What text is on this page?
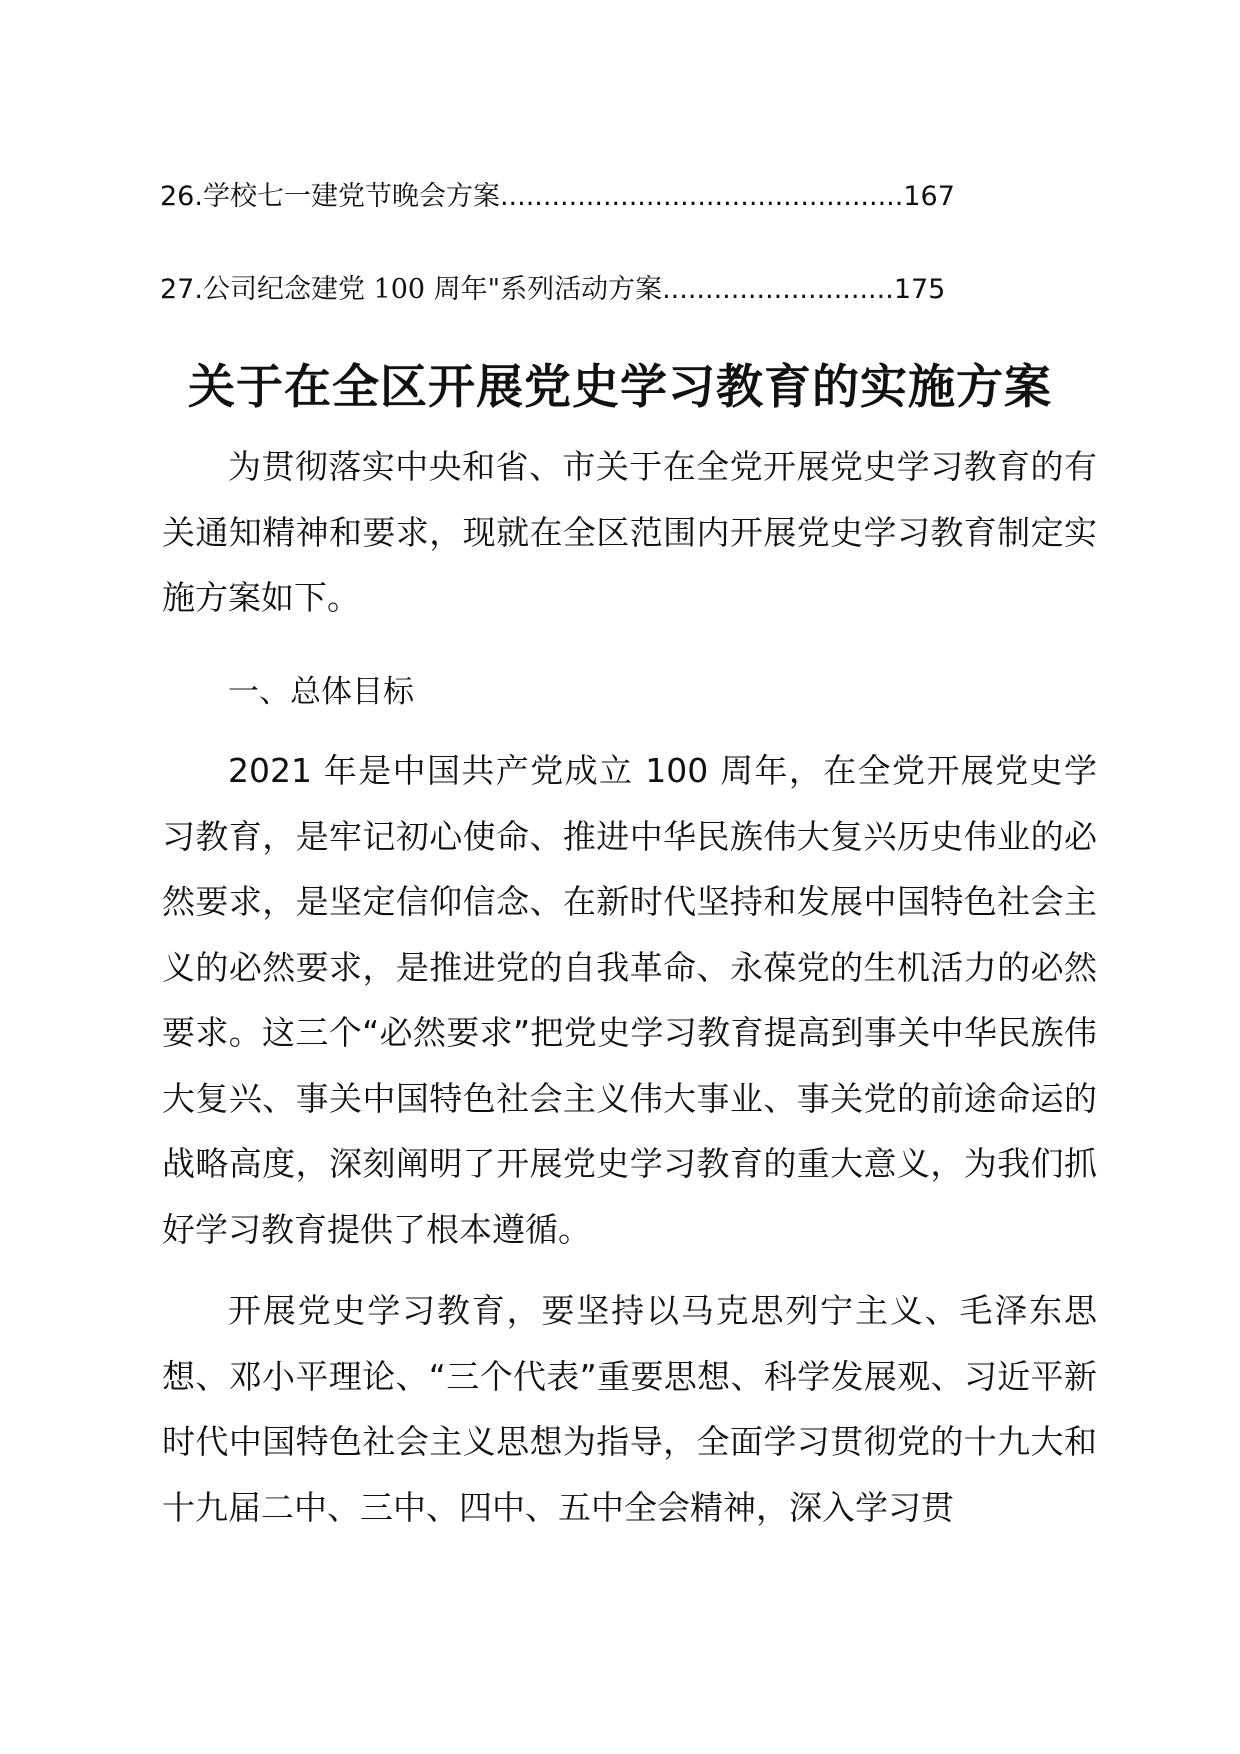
26. 学校七一建党节晚会方案 ............................................... 167
27. 公司纪念建党 100 周年"系列活动方案 ........................... 175
关于在全区开展党史学习教育的实施方案

为贯彻落实中央和省、市关于在全党开展党史学习教育的有关通知精神和要求，现就在全区范围内开展党史学习教育制定实施方案如下。

一、总体目标

2021 年是中国共产党成立 100 周年，在全党开展党史学习教育，是牢记初心使命、推进中华民族伟大复兴历史伟业的必然要求，是坚定信仰信念、在新时代坚持和发展中国特色社会主义的必然要求，是推进党的自我革命、永葆党的生机活力的必然要求。这三个“必然要求”把党史学习教育提高到事关中华民族伟大复兴、事关中国特色社会主义伟大事业、事关党的前途命运的战略高度，深刻阐明了开展党史学习教育的重大意义，为我们抓好学习教育提供了根本遵循。

开展党史学习教育，要坚持以马克思列宁主义、毛泽东思想、邓小平理论、“三个代表”重要思想、科学发展观、习近平新时代中国特色社会主义思想为指导，全面学习贯彻党的十九大和十九届二中、三中、四中、五中全会精神，深入学习贯
